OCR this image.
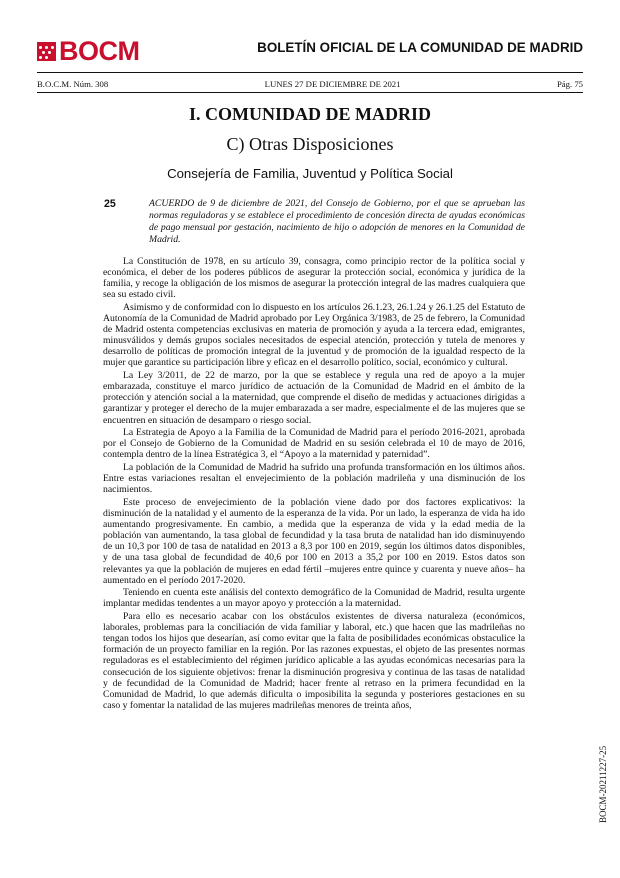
BOCM	BOLETÍN OFICIAL DE LA COMUNIDAD DE MADRID
B.O.C.M. Núm. 308	LUNES 27 DE DICIEMBRE DE 2021	Pág. 75
I. COMUNIDAD DE MADRID
C) Otras Disposiciones
Consejería de Familia, Juventud y Política Social
25	ACUERDO de 9 de diciembre de 2021, del Consejo de Gobierno, por el que se aprueban las normas reguladoras y se establece el procedimiento de concesión directa de ayudas económicas de pago mensual por gestación, nacimiento de hijo o adopción de menores en la Comunidad de Madrid.

La Constitución de 1978, en su artículo 39, consagra, como principio rector de la política social y económica, el deber de los poderes públicos de asegurar la protección social, económica y jurídica de la familia, y recoge la obligación de los mismos de asegurar la protección integral de las madres cualquiera que sea su estado civil.

Asimismo y de conformidad con lo dispuesto en los artículos 26.1.23, 26.1.24 y 26.1.25 del Estatuto de Autonomía de la Comunidad de Madrid aprobado por Ley Orgánica 3/1983, de 25 de febrero, la Comunidad de Madrid ostenta competencias exclusivas en materia de promoción y ayuda a la tercera edad, emigrantes, minusválidos y demás grupos sociales necesitados de especial atención, protección y tutela de menores y desarrollo de políticas de promoción integral de la juventud y de promoción de la igualdad respecto de la mujer que garantice su participación libre y eficaz en el desarrollo político, social, económico y cultural.

La Ley 3/2011, de 22 de marzo, por la que se establece y regula una red de apoyo a la mujer embarazada, constituye el marco jurídico de actuación de la Comunidad de Madrid en el ámbito de la protección y atención social a la maternidad, que comprende el diseño de medidas y actuaciones dirigidas a garantizar y proteger el derecho de la mujer embarazada a ser madre, especialmente el de las mujeres que se encuentren en situación de desamparo o riesgo social.

La Estrategia de Apoyo a la Familia de la Comunidad de Madrid para el período 2016-2021, aprobada por el Consejo de Gobierno de la Comunidad de Madrid en su sesión celebrada el 10 de mayo de 2016, contempla dentro de la línea Estratégica 3, el “Apoyo a la maternidad y paternidad”.

La población de la Comunidad de Madrid ha sufrido una profunda transformación en los últimos años. Entre estas variaciones resaltan el envejecimiento de la población madrileña y una disminución de los nacimientos.

Este proceso de envejecimiento de la población viene dado por dos factores explicativos: la disminución de la natalidad y el aumento de la esperanza de la vida. Por un lado, la esperanza de vida ha ido aumentando progresivamente. En cambio, a medida que la esperanza de vida y la edad media de la población van aumentando, la tasa global de fecundidad y la tasa bruta de natalidad han ido disminuyendo de un 10,3 por 100 de tasa de natalidad en 2013 a 8,3 por 100 en 2019, según los últimos datos disponibles, y de una tasa global de fecundidad de 40,6 por 100 en 2013 a 35,2 por 100 en 2019. Estos datos son relevantes ya que la población de mujeres en edad fértil –mujeres entre quince y cuarenta y nueve años– ha aumentado en el período 2017-2020.

Teniendo en cuenta este análisis del contexto demográfico de la Comunidad de Madrid, resulta urgente implantar medidas tendentes a un mayor apoyo y protección a la maternidad.

Para ello es necesario acabar con los obstáculos existentes de diversa naturaleza (económicos, laborales, problemas para la conciliación de vida familiar y laboral, etc.) que hacen que las madrileñas no tengan todos los hijos que desearían, así como evitar que la falta de posibilidades económicas obstaculice la formación de un proyecto familiar en la región. Por las razones expuestas, el objeto de las presentes normas reguladoras es el establecimiento del régimen jurídico aplicable a las ayudas económicas necesarias para la consecución de los siguiente objetivos: frenar la disminución progresiva y continua de las tasas de natalidad y de fecundidad de la Comunidad de Madrid; hacer frente al retraso en la primera fecundidad en la Comunidad de Madrid, lo que además dificulta o imposibilita la segunda y posteriores gestaciones en su caso y fomentar la natalidad de las mujeres madrileñas menores de treinta años,

BOCM-20211227-25
